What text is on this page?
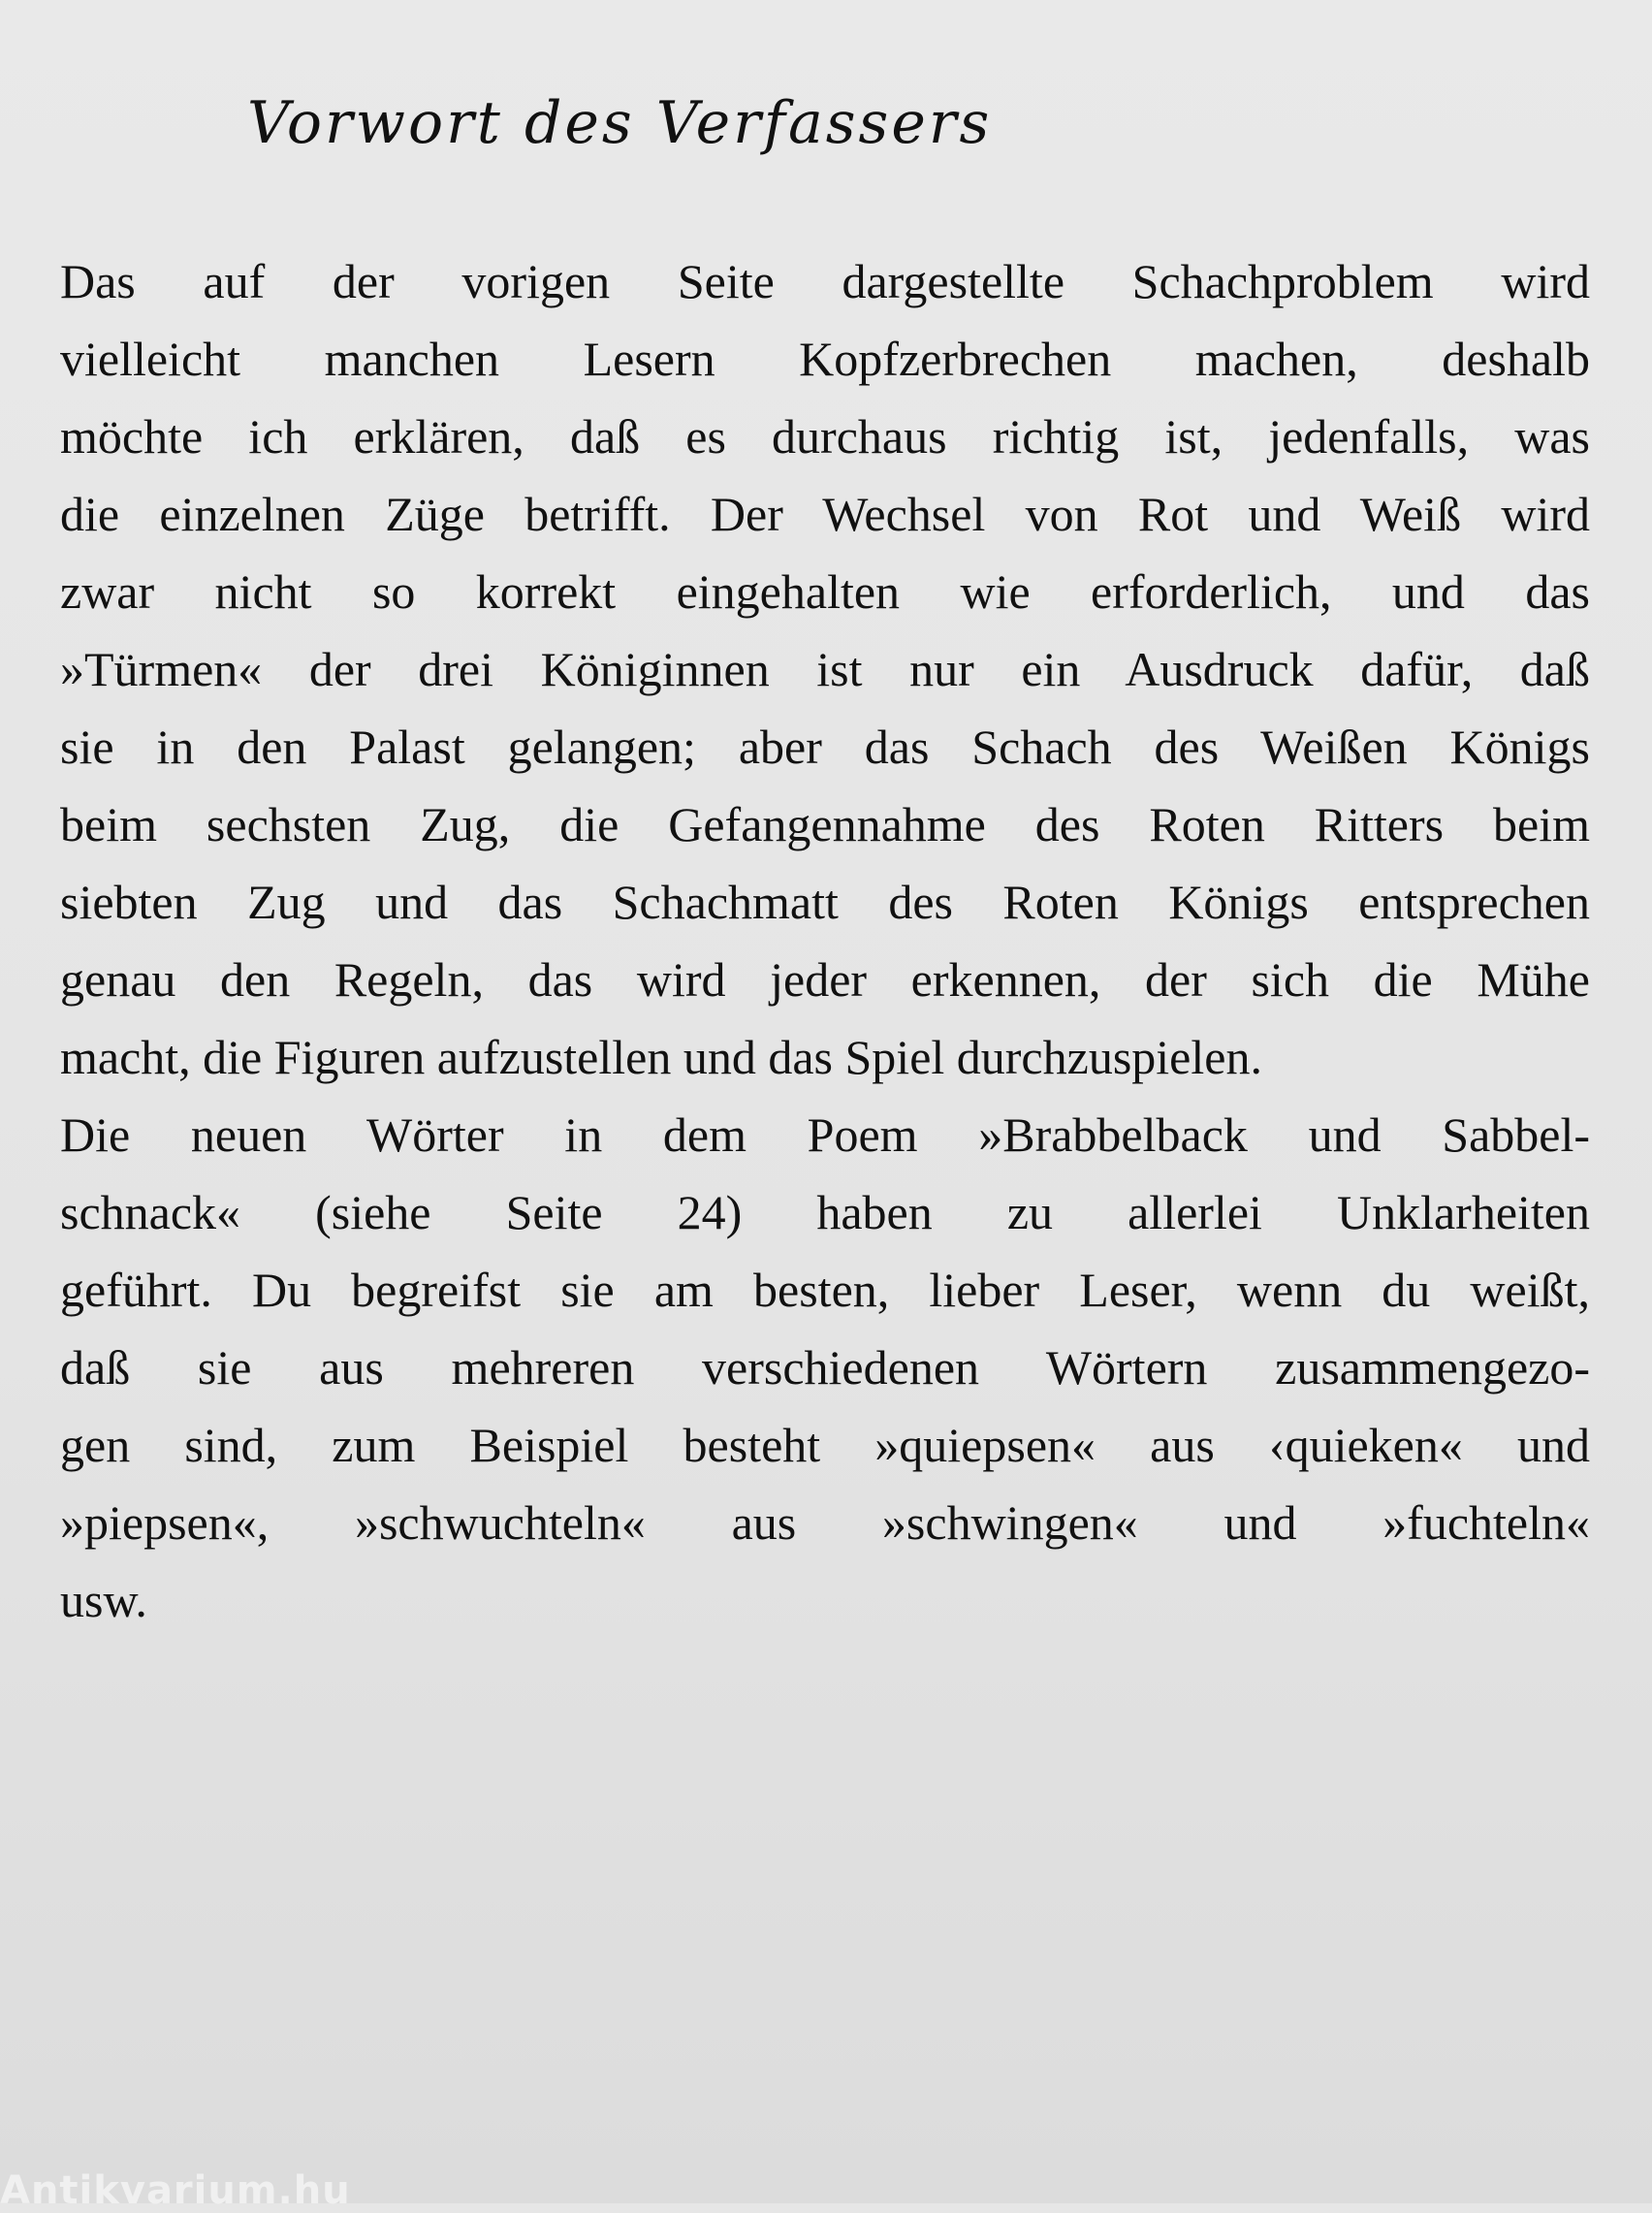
Vorwort des Verfassers
Das auf der vorigen Seite dargestellte Schachproblem wird
vielleicht manchen Lesern Kopfzerbrechen machen, deshalb
möchte ich erklären, daß es durchaus richtig ist, jedenfalls, was
die einzelnen Züge betrifft. Der Wechsel von Rot und Weiß wird
zwar nicht so korrekt eingehalten wie erforderlich, und das
»Türmen« der drei Königinnen ist nur ein Ausdruck dafür, daß
sie in den Palast gelangen; aber das Schach des Weißen Königs
beim sechsten Zug, die Gefangennahme des Roten Ritters beim
siebten Zug und das Schachmatt des Roten Königs entsprechen
genau den Regeln, das wird jeder erkennen, der sich die Mühe
macht, die Figuren aufzustellen und das Spiel durchzuspielen.
Die neuen Wörter in dem Poem »Brabbelback und Sabbel-
schnack« (siehe Seite 24) haben zu allerlei Unklarheiten
geführt. Du begreifst sie am besten, lieber Leser, wenn du weißt,
daß sie aus mehreren verschiedenen Wörtern zusammengezo-
gen sind, zum Beispiel besteht »quiepsen« aus ‹quieken« und
»piepsen«, »schwuchteln« aus »schwingen« und »fuchteln«
usw.
Antikvarium.hu
